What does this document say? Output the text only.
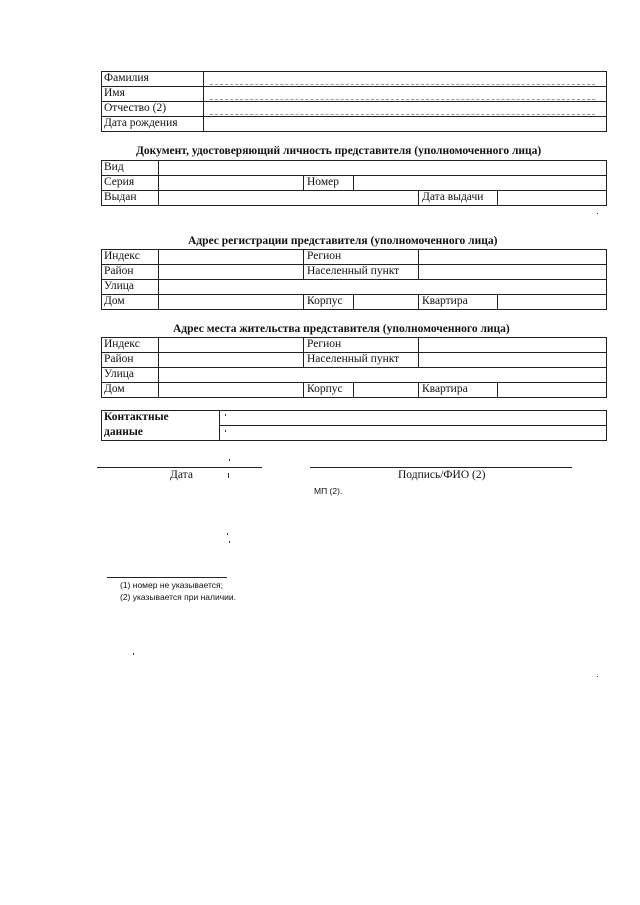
Фамилия
Имя
Отчество (2)
Дата рождения
Документ, удостоверяющий личность представителя (уполномоченного лица)
Вид
Серия	Номер
Выдан	Дата выдачи
Адрес регистрации представителя (уполномоченного лица)
Индекс	Регион
Район	Населенный пункт
Улица
Дом	Корпус	Квартира
Адрес места жительства представителя (уполномоченного лица)
Индекс	Регион
Район	Населенный пункт
Улица
Дом	Корпус	Квартира
Контактные
данные
Дата	Подпись/ФИО (2)
МП (2).
(1) номер не указывается;
(2) указывается при наличии.
